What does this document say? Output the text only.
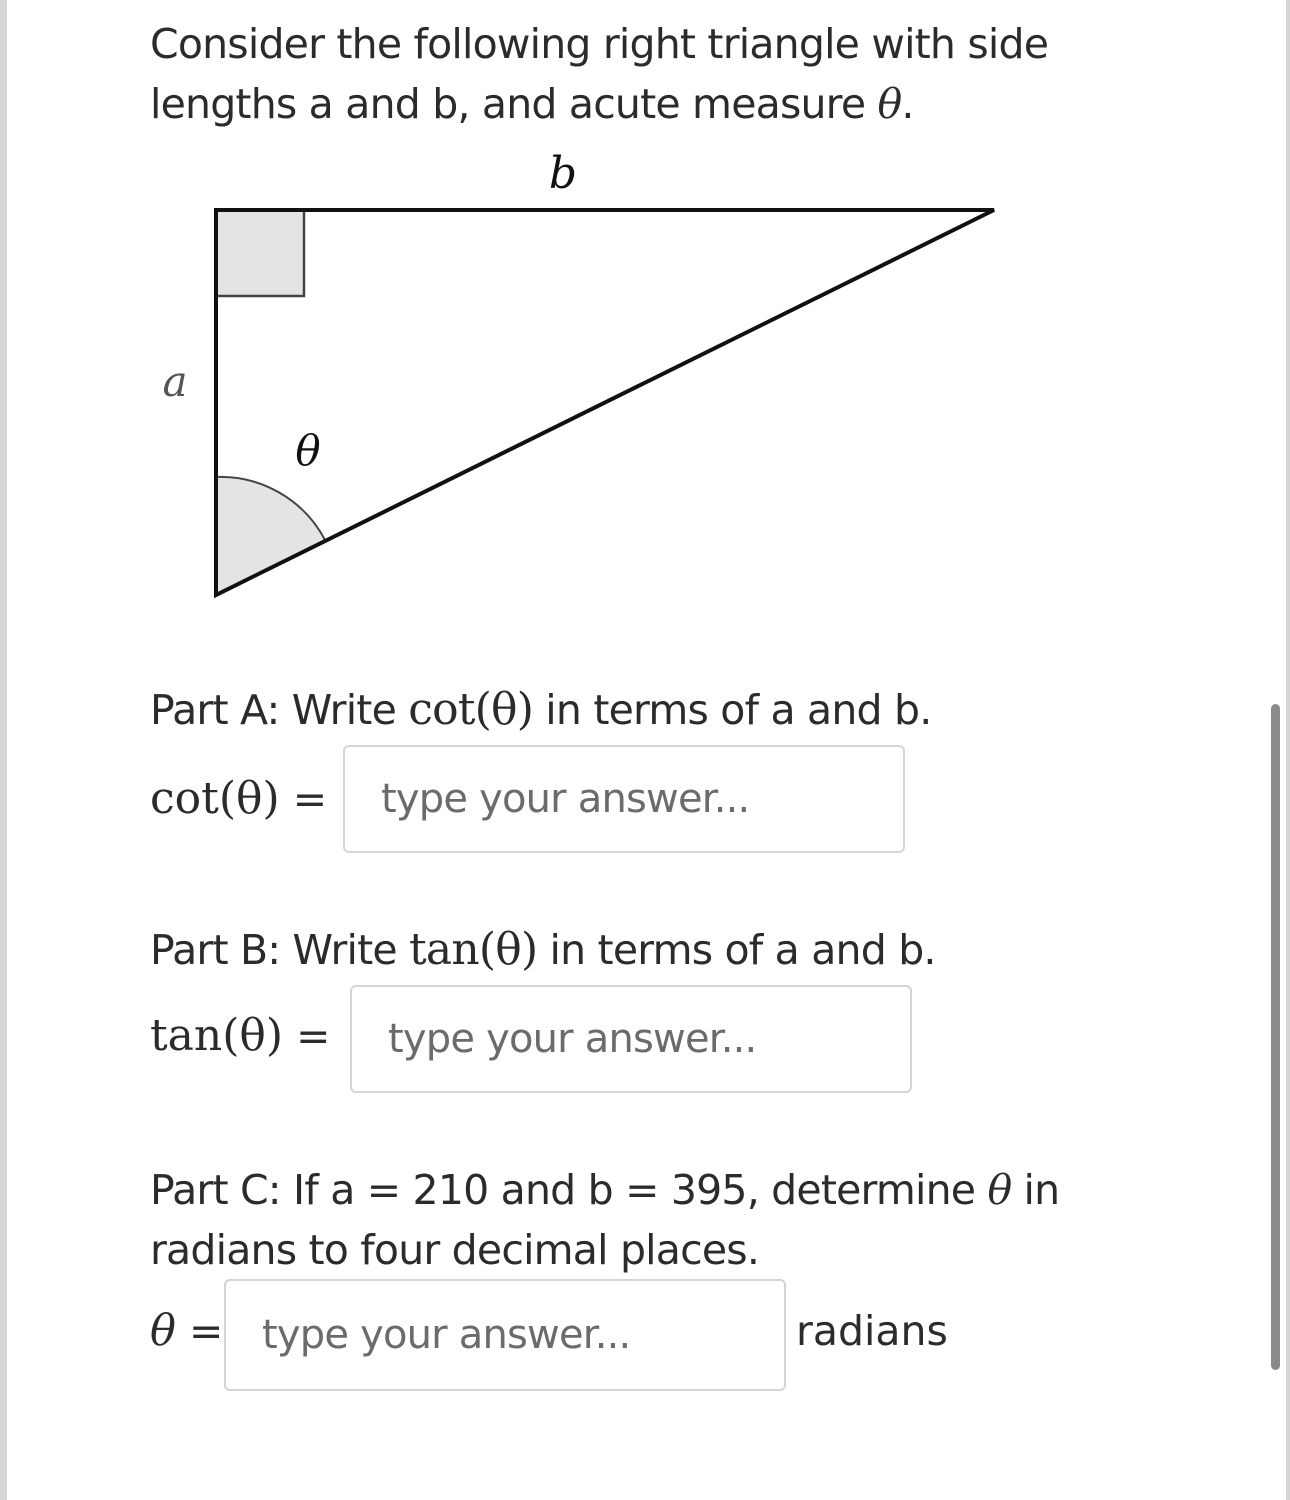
Consider the following right triangle with side
lengths a and b, and acute measure θ.
b
a
θ
Part A: Write cot(θ) in terms of a and b.
cot(θ) =
type your answer...
Part B: Write tan(θ) in terms of a and b.
tan(θ) =
type your answer...
Part C: If a = 210 and b = 395, determine θ in
radians to four decimal places.
θ =
type your answer...	radians
